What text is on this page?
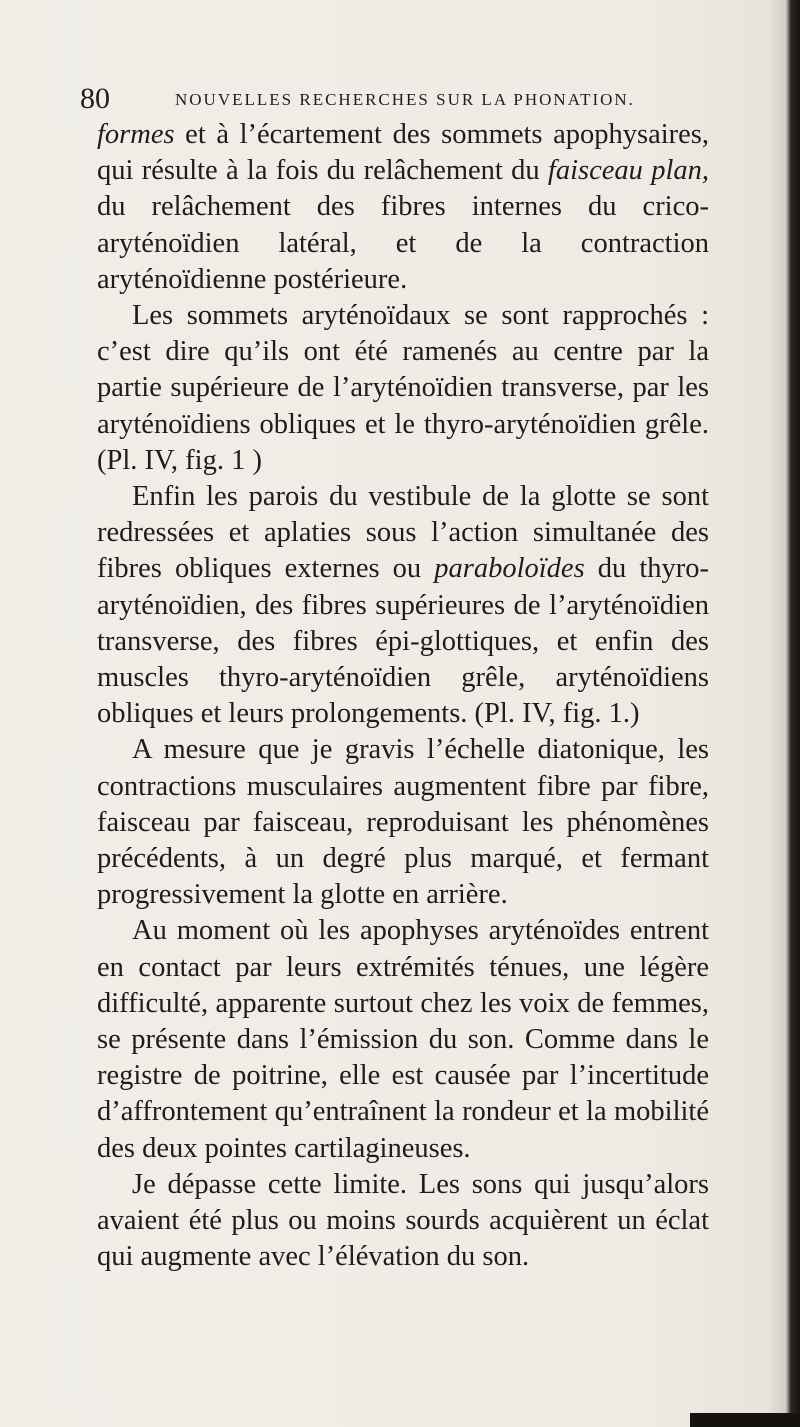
80	NOUVELLES RECHERCHES SUR LA PHONATION.

formes et à l’écartement des sommets apophysaires, qui résulte à la fois du relâchement du faisceau plan, du relâchement des fibres internes du crico-aryténoïdien latéral, et de la contraction aryténoïdienne postérieure.

Les sommets aryténoïdaux se sont rapprochés : c’est dire qu’ils ont été ramenés au centre par la partie supérieure de l’aryténoïdien transverse, par les aryténoïdiens obliques et le thyro-aryténoïdien grêle. (Pl. IV, fig. 1 )

Enfin les parois du vestibule de la glotte se sont redressées et aplaties sous l’action simultanée des fibres obliques externes ou paraboloïdes du thyro-aryténoïdien, des fibres supérieures de l’aryténoïdien transverse, des fibres épi-glottiques, et enfin des muscles thyro-aryténoïdien grêle, aryténoïdiens obliques et leurs prolongements. (Pl. IV, fig. 1.)

A mesure que je gravis l’échelle diatonique, les contractions musculaires augmentent fibre par fibre, faisceau par faisceau, reproduisant les phénomènes précédents, à un degré plus marqué, et fermant progressivement la glotte en arrière.

Au moment où les apophyses aryténoïdes entrent en contact par leurs extrémités ténues, une légère difficulté, apparente surtout chez les voix de femmes, se présente dans l’émission du son. Comme dans le registre de poitrine, elle est causée par l’incertitude d’affrontement qu’entraînent la rondeur et la mobilité des deux pointes cartilagineuses.

Je dépasse cette limite. Les sons qui jusqu’alors avaient été plus ou moins sourds acquièrent un éclat qui augmente avec l’élévation du son.
